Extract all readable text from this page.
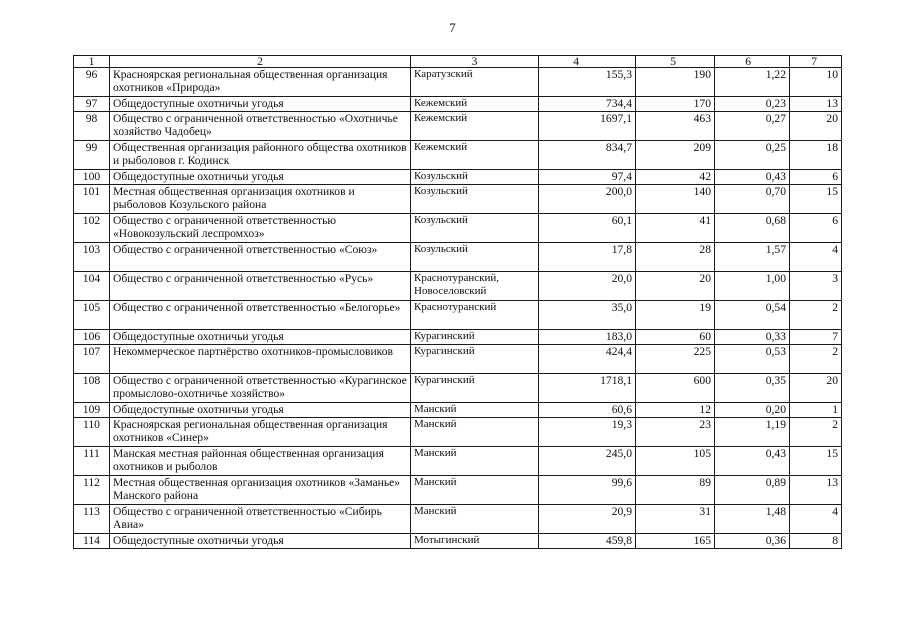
7
1	2	3	4	5	6	7
96	Красноярская региональная общественная организация охотников «Природа»	Каратузский	155,3	190	1,22	10
97	Общедоступные охотничьи угодья	Кежемский	734,4	170	0,23	13
98	Общество с ограниченной ответственностью «Охотничье хозяйство Чадобец»	Кежемский	1697,1	463	0,27	20
99	Общественная организация районного общества охотников и рыболовов г. Кодинск	Кежемский	834,7	209	0,25	18
100	Общедоступные охотничьи угодья	Козульский	97,4	42	0,43	6
101	Местная общественная организация охотников и рыболовов Козульского района	Козульский	200,0	140	0,70	15
102	Общество с ограниченной ответственностью «Новокозульский леспромхоз»	Козульский	60,1	41	0,68	6
103	Общество с ограниченной ответственностью «Союз»	Козульский	17,8	28	1,57	4
104	Общество с ограниченной ответственностью «Русь»	Краснотуранский, Новоселовский	20,0	20	1,00	3
105	Общество с ограниченной ответственностью «Белогорье»	Краснотуранский	35,0	19	0,54	2
106	Общедоступные охотничьи угодья	Курагинский	183,0	60	0,33	7
107	Некоммерческое партнёрство охотников-промысловиков	Курагинский	424,4	225	0,53	2
108	Общество с ограниченной ответственностью «Курагинское промыслово-охотничье хозяйство»	Курагинский	1718,1	600	0,35	20
109	Общедоступные охотничьи угодья	Манский	60,6	12	0,20	1
110	Красноярская региональная общественная организация охотников «Синер»	Манский	19,3	23	1,19	2
111	Манская местная районная общественная организация охотников и рыболов	Манский	245,0	105	0,43	15
112	Местная общественная организация охотников «Заманье» Манского района	Манский	99,6	89	0,89	13
113	Общество с ограниченной ответственностью «Сибирь Авиа»	Манский	20,9	31	1,48	4
114	Общедоступные охотничьи угодья	Мотыгинский	459,8	165	0,36	8
